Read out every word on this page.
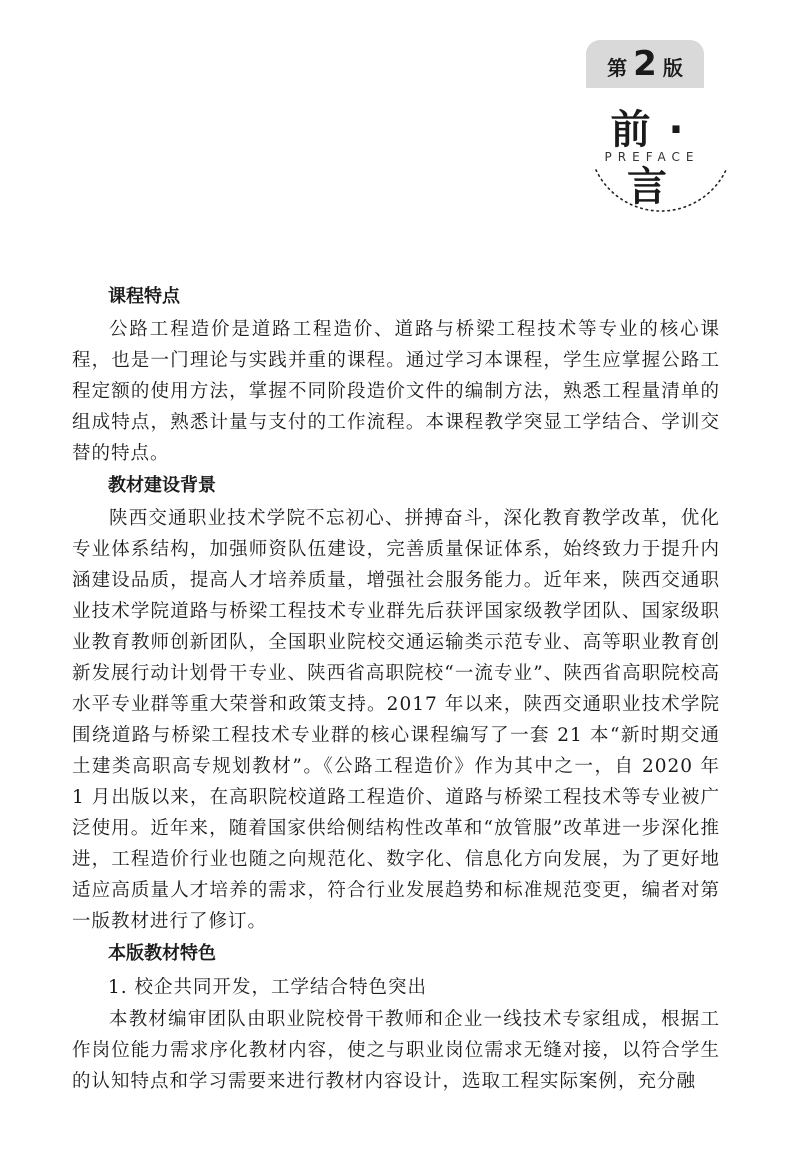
第 2 版
前 · 言
PREFACE
课程特点

公路工程造价是道路工程造价、道路与桥梁工程技术等专业的核心课程，也是一门理论与实践并重的课程。通过学习本课程，学生应掌握公路工程定额的使用方法，掌握不同阶段造价文件的编制方法，熟悉工程量清单的组成特点，熟悉计量与支付的工作流程。本课程教学突显工学结合、学训交替的特点。

教材建设背景

陕西交通职业技术学院不忘初心、拼搏奋斗，深化教育教学改革，优化专业体系结构，加强师资队伍建设，完善质量保证体系，始终致力于提升内涵建设品质，提高人才培养质量，增强社会服务能力。近年来，陕西交通职业技术学院道路与桥梁工程技术专业群先后获评国家级教学团队、国家级职业教育教师创新团队，全国职业院校交通运输类示范专业、高等职业教育创新发展行动计划骨干专业、陕西省高职院校“一流专业”、陕西省高职院校高水平专业群等重大荣誉和政策支持。2017 年以来，陕西交通职业技术学院围绕道路与桥梁工程技术专业群的核心课程编写了一套 21 本“新时期交通土建类高职高专规划教材”。《公路工程造价》作为其中之一，自 2020 年 1 月出版以来，在高职院校道路工程造价、道路与桥梁工程技术等专业被广泛使用。近年来，随着国家供给侧结构性改革和“放管服”改革进一步深化推进，工程造价行业也随之向规范化、数字化、信息化方向发展，为了更好地适应高质量人才培养的需求，符合行业发展趋势和标准规范变更，编者对第一版教材进行了修订。

本版教材特色

1. 校企共同开发，工学结合特色突出

本教材编审团队由职业院校骨干教师和企业一线技术专家组成，根据工作岗位能力需求序化教材内容，使之与职业岗位需求无缝对接，以符合学生的认知特点和学习需要来进行教材内容设计，选取工程实际案例，充分融
